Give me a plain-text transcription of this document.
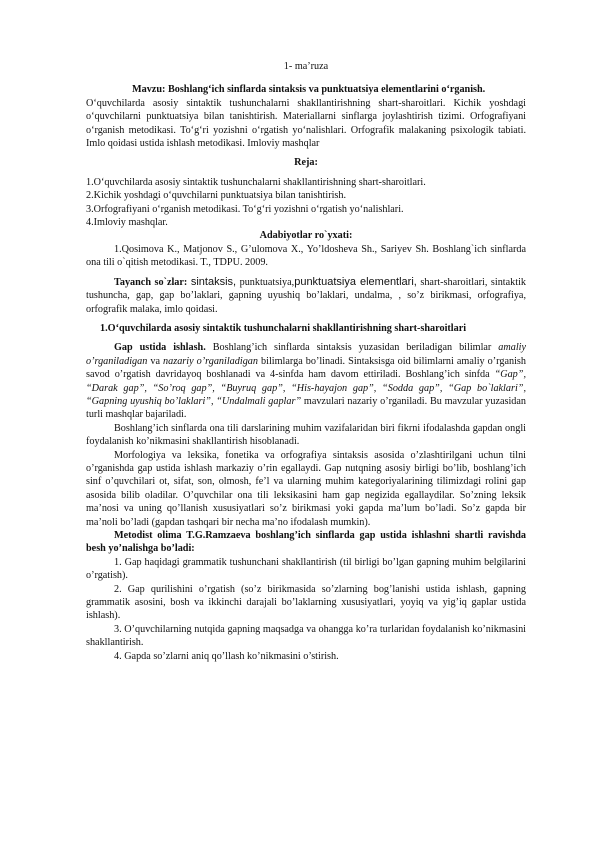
1- ma’ruza

Mavzu: Boshlang‘ich sinflarda sintaksis va punktuatsiya elementlarini o‘rganish.

O‘quvchilarda asosiy sintaktik tushunchalarni shakllantirishning shart-sharoitlari. Kichik yoshdagi o‘quvchilarni punktuatsiya bilan tanishtirish. Materiallarni sinflarga joylashtirish tizimi. Orfografiyani o‘rganish metodikasi. To‘g‘ri yozishni o‘rgatish yo‘nalishlari. Orfografik malakaning psixologik tabiati. Imlo qoidasi ustida ishlash metodikasi. Imloviy mashqlar

Reja:

1.O‘quvchilarda asosiy sintaktik tushunchalarni shakllantirishning shart-sharoitlari.
2.Kichik yoshdagi o‘quvchilarni punktuatsiya bilan tanishtirish.
3.Orfografiyani o‘rganish metodikasi. To‘g‘ri yozishni o‘rgatish yo‘nalishlari.
4.Imloviy mashqlar.

Adabiyotlar ro`yxati:

1.Qosimova K., Matjonov S., G’ulomova X., Yo’ldosheva Sh., Sariyev Sh. Boshlang`ich sinflarda ona tili o`qitish metodikasi. T., TDPU. 2009.

Tayanch so`zlar: sintaksis, punktuatsiya,punktuatsiya elementlari, shart-sharoitlari, sintaktik tushuncha, gap, gap bo’laklari, gapning uyushiq bo’laklari, undalma, , so’z birikmasi, orfografiya, orfografik malaka, imlo qoidasi.

1.O‘quvchilarda asosiy sintaktik tushunchalarni shakllantirishning shart-sharoitlari

Gap ustida ishlash. Boshlang’ich sinflarda sintaksis yuzasidan beriladigan bilimlar amaliy o’rganiladigan va nazariy o’rganiladigan bilimlarga bo’linadi. Sintaksisga oid bilimlarni amaliy o’rganish savod o’rgatish davridayoq boshlanadi va 4-sinfda ham davom ettiriladi. Boshlang’ich sinfda “Gap”, “Darak gap”, “So’roq gap”, “Buyruq gap”, “His-hayajon gap”, “Sodda gap”, “Gap bo`laklari”, “Gapning uyushiq bo’laklari”, “Undalmali gaplar” mavzulari nazariy o’rganiladi. Bu mavzular yuzasidan turli mashqlar bajariladi.

Boshlang’ich sinflarda ona tili darslarining muhim vazifalaridan biri fikrni ifodalashda gapdan ongli foydalanish ko’nikmasini shakllantirish hisoblanadi.

Morfologiya va leksika, fonetika va orfografiya sintaksis asosida o’zlashtirilgani uchun tilni o’rganishda gap ustida ishlash markaziy o’rin egallaydi. Gap nutqning asosiy birligi bo’lib, boshlang’ich sinf o’quvchilari ot, sifat, son, olmosh, fe’l va ularning muhim kategoriyalarining tilimizdagi rolini gap asosida bilib oladilar. O’quvchilar ona tili leksikasini ham gap negizida egallaydilar. So’zning leksik ma’nosi va uning qo’llanish xususiyatlari so’z birikmasi yoki gapda ma’lum bo’ladi. So’z gapda bir ma’noli bo’ladi (gapdan tashqari bir necha ma’no ifodalash mumkin).

Metodist olima T.G.Ramzaeva boshlang’ich sinflarda gap ustida ishlashni shartli ravishda besh yo’nalishga bo’ladi:

1. Gap haqidagi grammatik tushunchani shakllantirish (til birligi bo’lgan gapning muhim belgilarini o’rgatish).

2. Gap qurilishini o’rgatish (so’z birikmasida so’zlarning bog’lanishi ustida ishlash, gapning grammatik asosini, bosh va ikkinchi darajali bo’laklarning xususiyatlari, yoyiq va yig’iq gaplar ustida ishlash).

3. O’quvchilarning nutqida gapning maqsadga va ohangga ko’ra turlaridan foydalanish ko’nikmasini shakllantirish.

4. Gapda so’zlarni aniq qo’llash ko’nikmasini o’stirish.
